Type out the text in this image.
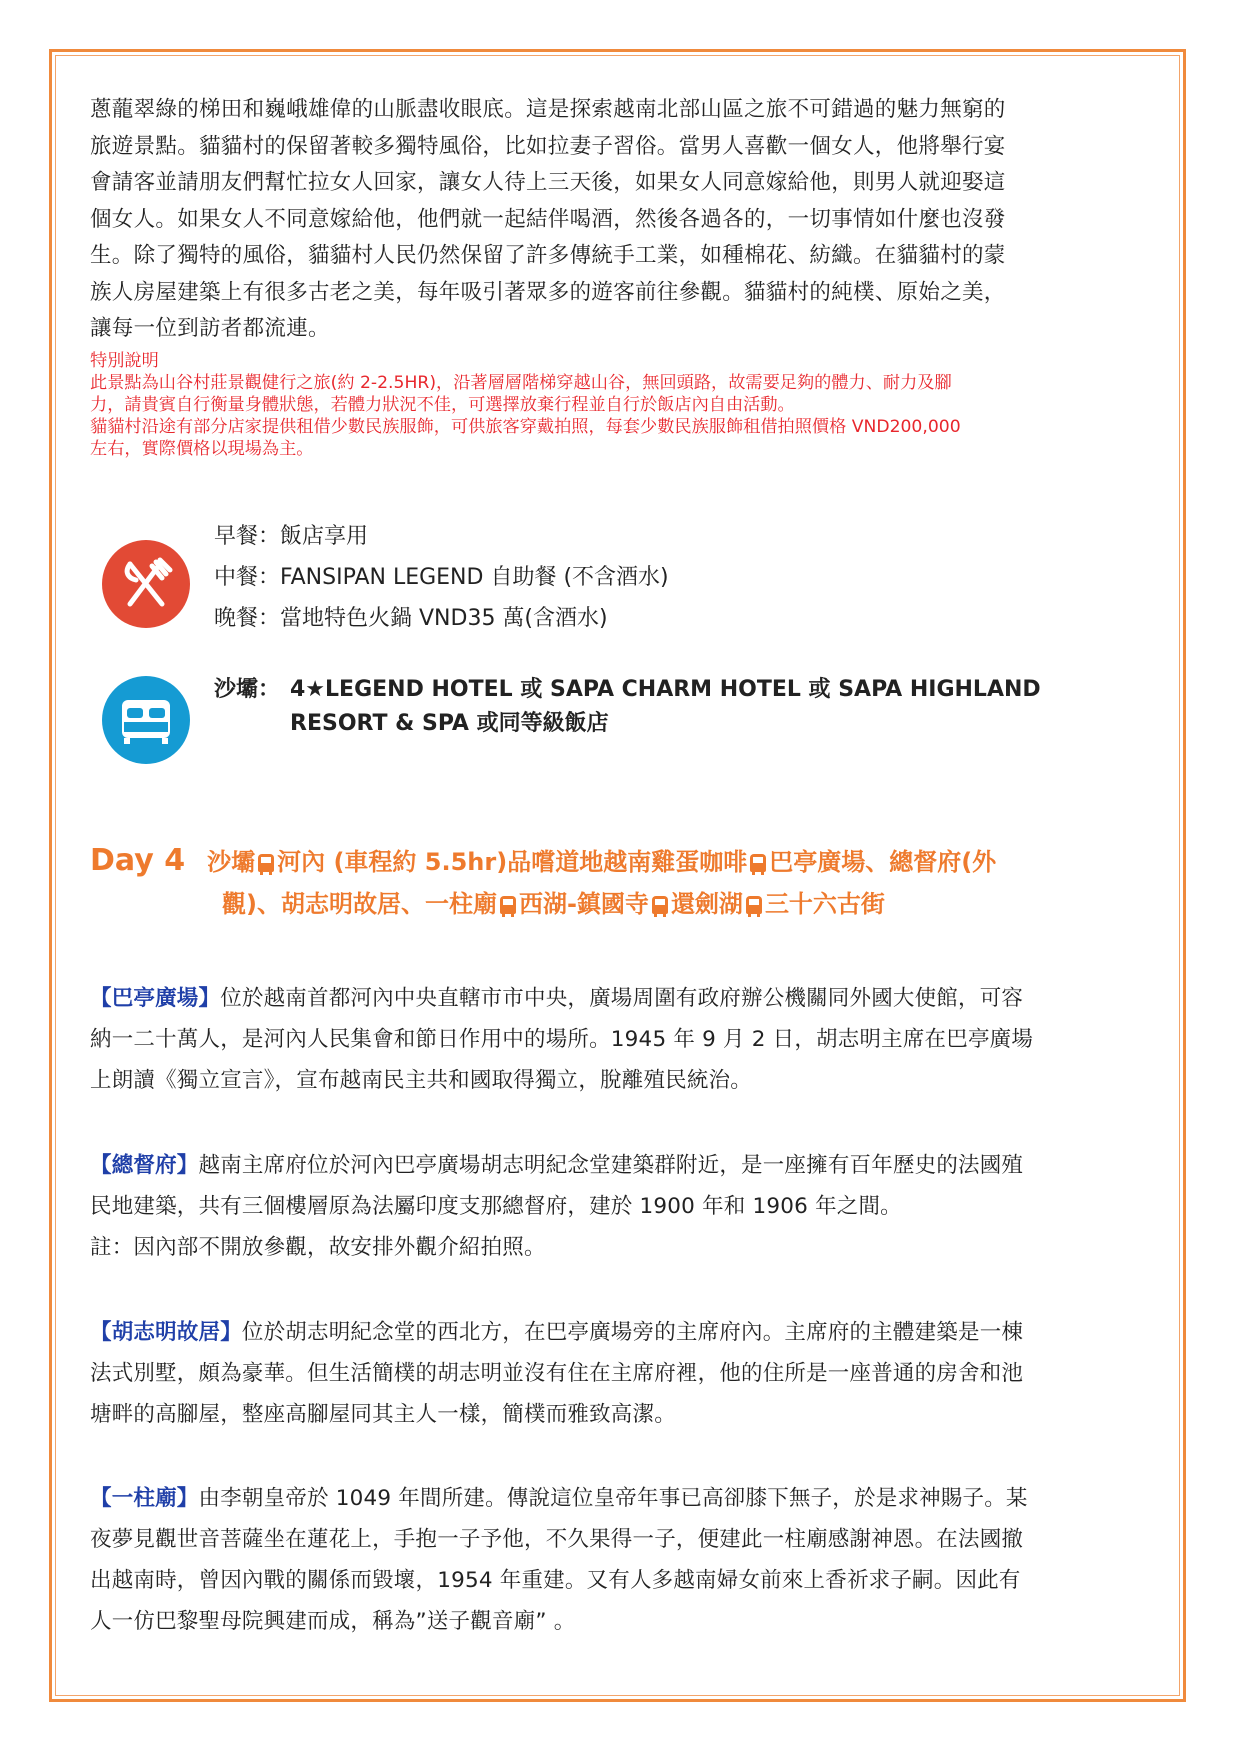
蔥蘢翠綠的梯田和巍峨雄偉的山脈盡收眼底。這是探索越南北部山區之旅不可錯過的魅力無窮的
旅遊景點。貓貓村的保留著較多獨特風俗，比如拉妻子習俗。當男人喜歡一個女人，他將舉行宴
會請客並請朋友們幫忙拉女人回家，讓女人待上三天後，如果女人同意嫁給他，則男人就迎娶這
個女人。如果女人不同意嫁給他，他們就一起結伴喝酒，然後各過各的，一切事情如什麼也沒發
生。除了獨特的風俗，貓貓村人民仍然保留了許多傳統手工業，如種棉花、紡織。在貓貓村的蒙
族人房屋建築上有很多古老之美，每年吸引著眾多的遊客前往參觀。貓貓村的純樸、原始之美，
讓每一位到訪者都流連。

特別說明

此景點為山谷村莊景觀健行之旅(約 2-2.5HR)，沿著層層階梯穿越山谷，無回頭路，故需要足夠的體力、耐力及腳

力，請貴賓自行衡量身體狀態，若體力狀況不佳，可選擇放棄行程並自行於飯店內自由活動。

貓貓村沿途有部分店家提供租借少數民族服飾，可供旅客穿戴拍照，每套少數民族服飾租借拍照價格 VND200,000

左右，實際價格以現場為主。

早餐：飯店享用
中餐：FANSIPAN LEGEND 自助餐 (不含酒水)
晚餐：當地特色火鍋 VND35 萬(含酒水)
沙壩： 4★LEGEND HOTEL 或 SAPA CHARM HOTEL 或 SAPA HIGHLAND
RESORT & SPA 或同等級飯店
Day 4 沙壩 河內 (車程約 5.5hr)品嚐道地越南雞蛋咖啡 巴亭廣場、總督府(外
觀)、胡志明故居、一柱廟 西湖-鎮國寺 還劍湖 三十六古街

【巴亭廣場】位於越南首都河內中央直轄市市中央，廣場周圍有政府辦公機關同外國大使館，可容

納一二十萬人，是河內人民集會和節日作用中的場所。1945 年 9 月 2 日，胡志明主席在巴亭廣場

上朗讀《獨立宣言》，宣布越南民主共和國取得獨立，脫離殖民統治。

【總督府】越南主席府位於河內巴亭廣場胡志明紀念堂建築群附近，是一座擁有百年歷史的法國殖

民地建築，共有三個樓層原為法屬印度支那總督府，建於 1900 年和 1906 年之間。

註：因內部不開放參觀，故安排外觀介紹拍照。

【胡志明故居】位於胡志明紀念堂的西北方，在巴亭廣場旁的主席府內。主席府的主體建築是一棟

法式別墅，頗為豪華。但生活簡樸的胡志明並沒有住在主席府裡，他的住所是一座普通的房舍和池

塘畔的高腳屋，整座高腳屋同其主人一樣，簡樸而雅致高潔。

【一柱廟】由李朝皇帝於 1049 年間所建。傳說這位皇帝年事已高卻膝下無子，於是求神賜子。某

夜夢見觀世音菩薩坐在蓮花上，手抱一子予他，不久果得一子，便建此一柱廟感謝神恩。在法國撤

出越南時，曾因內戰的關係而毀壞，1954 年重建。又有人多越南婦女前來上香祈求子嗣。因此有

人一仿巴黎聖母院興建而成，稱為”送子觀音廟” 。
